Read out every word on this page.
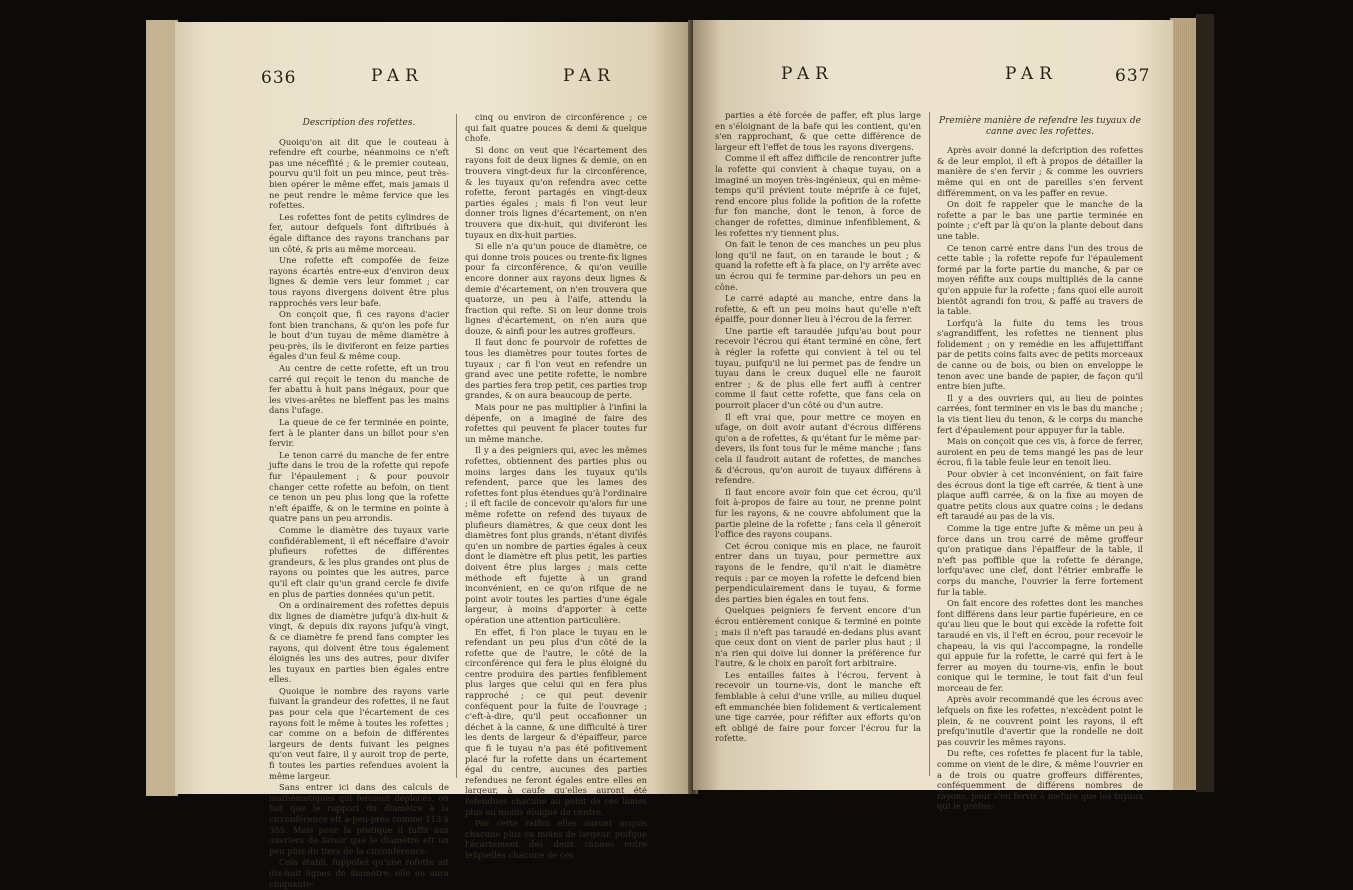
636	PAR	PAR

Description des rofettes.

Quoiqu'on ait dit que le couteau à refendre eft courbe, néanmoins ce n'eft pas une néceffité ; & le premier couteau, pourvu qu'il foit un peu mince, peut très-bien opérer le même effet, mais jamais il ne peut rendre le même fervice que les rofettes.

Les rofettes font de petits cylindres de fer, autour defquels font diftribués à égale diftance des rayons tranchans par un côté, & pris au même morceau.

Une rofette eft compofée de feize rayons écartés entre-eux d'environ deux lignes & demie vers leur fommet ; car tous rayons divergens doivent être plus rapprochés vers leur bafe.

On conçoit que, fi ces rayons d'acier font bien tranchans, & qu'on les pofe fur le bout d'un tuyau de même diamètre à peu-près, ils le diviferont en feize parties égales d'un feul & même coup.

Au centre de cette rofette, eft un trou carré qui reçoit le tenon du manche de fer abattu à huit pans inégaux, pour que les vives-arêtes ne bleffent pas les mains dans l'ufage.

La queue de ce fer terminée en pointe, fert à le planter dans un billot pour s'en fervir.

Le tenon carré du manche de fer entre jufte dans le trou de la rofette qui repofe fur l'épaulement ; & pour pouvoir changer cette rofette au befoin, on tient ce tenon un peu plus long que la rofette n'eft épaiffe, & on le termine en pointe à quatre pans un peu arrondis.

Comme le diamètre des tuyaux varie confidérablement, il eft néceffaire d'avoir plufieurs rofettes de différentes grandeurs, & les plus grandes ont plus de rayons ou pointes que les autres, parce qu'il eft clair qu'un grand cercle fe divife en plus de parties données qu'un petit.

On a ordinairement des rofettes depuis dix lignes de diamètre jufqu'à dix-huit & vingt, & depuis dix rayons jufqu'à vingt, & ce diamètre fe prend fans compter les rayons, qui doivent être tous également éloignés les uns des autres, pour divifer les tuyaux en parties bien égales entre elles.

Quoique le nombre des rayons varie fuivant la grandeur des rofettes, il ne faut pas pour cela que l'écartement de ces rayons foit le même à toutes les rofettes ; car comme on a befoin de différentes largeurs de dents fuivant les peignes qu'on veut faire, il y auroit trop de perte, fi toutes les parties refendues avoient la même largeur.

Sans entrer ici dans des calculs de mathématiques qui feroient déplacés, on fait que le rapport du diamètre à la circonférence eft à-peu-près comme 113 à 355. Mais pour la pratique il fuffit aux ouvriers de favoir que le diamètre eft un peu plus du tiers de la circonférence.

Cela établi, fuppofez qu'une rofette ait dix-huit lignes de diamètre, elle en aura cinquante-

cinq ou environ de circonférence ; ce qui fait quatre pouces & demi & quelque chofe.

Si donc on veut que l'écartement des rayons foit de deux lignes & demie, on en trouvera vingt-deux fur la circonférence, & les tuyaux qu'on refendra avec cette rofette, feront partagés en vingt-deux parties égales ; mais fi l'on veut leur donner trois lignes d'écartement, on n'en trouvera que dix-huit, qui diviferont les tuyaux en dix-huit parties.

Si elle n'a qu'un pouce de diamètre, ce qui donne trois pouces ou trente-fix lignes pour fa circonférence, & qu'on veuille encore donner aux rayons deux lignes & demie d'écartement, on n'en trouvera que quatorze, un peu à l'aife, attendu la fraction qui refte. Si on leur donne trois lignes d'écartement, on n'en aura que douze, & ainfi pour les autres groffeurs.

Il faut donc fe pourvoir de rofettes de tous les diamètres pour toutes fortes de tuyaux ; car fi l'on veut en refendre un grand avec une petite rofette, le nombre des parties fera trop petit, ces parties trop grandes, & on aura beaucoup de perte.

Mais pour ne pas multiplier à l'infini la dépenfe, on a imaginé de faire des rofettes qui peuvent fe placer toutes fur un même manche.

Il y a des peigniers qui, avec les mêmes rofettes, obtiennent des parties plus ou moins larges dans les tuyaux qu'ils refendent, parce que les lames des rofettes font plus étendues qu'à l'ordinaire ; il eft facile de concevoir qu'alors fur une même rofette on refend des tuyaux de plufieurs diamètres, & que ceux dont les diamètres font plus grands, n'étant divifés qu'en un nombre de parties égales à ceux dont le diamètre eft plus petit, les parties doivent être plus larges ; mais cette méthode eft fujette à un grand inconvénient, en ce qu'on rifque de ne point avoir toutes les parties d'une égale largeur, à moins d'apporter à cette opération une attention particulière.

En effet, fi l'on place le tuyau en le refendant un peu plus d'un côté de la rofette que de l'autre, le côté de la circonférence qui fera le plus éloigné du centre produira des parties fenfiblement plus larges que celui qui en fera plus rapproché ; ce qui peut devenir conféquent pour la fuite de l'ouvrage ; c'eft-à-dire, qu'il peut occafionner un déchet à la canne, & une difficulté à tirer les dents de largeur & d'épaiffeur, parce que fi le tuyau n'a pas été pofitivement placé fur la rofette dans un écartement égal du centre, aucunes des parties refendues ne feront égales entre elles en largeur, à caufe qu'elles auront été refendues chacune au point de ces lames plus ou moins éloigné du centre.

Par cette raifon elles auront acquis chacune plus ou moins de largeur, puifque l'écartement des deux cannes entre lefquelles chacune de ces

PAR	PAR	637

parties a été forcée de paffer, eft plus large en s'éloignant de la bafe qui les contient, qu'en s'en rapprochant, & que cette différence de largeur eft l'effet de tous les rayons divergens.

Comme il eft affez difficile de rencontrer jufte la rofette qui convient à chaque tuyau, on a imaginé un moyen très-ingénieux, qui en même-temps qu'il prévient toute méprife à ce fujet, rend encore plus folide la pofition de la rofette fur fon manche, dont le tenon, à force de changer de rofettes, diminue infenfiblement, & les rofettes n'y tiennent plus.

On fait le tenon de ces manches un peu plus long qu'il ne faut, on en taraude le bout ; & quand la rofette eft à fa place, on l'y arrête avec un écrou qui fe termine par-dehors un peu en cône.

Le carré adapté au manche, entre dans la rofette, & eft un peu moins haut qu'elle n'eft épaiffe, pour donner lieu à l'écrou de la ferrer.

Une partie eft taraudée jufqu'au bout pour recevoir l'écrou qui étant terminé en cône, fert à régler la rofette qui convient à tel ou tel tuyau, puifqu'il ne lui permet pas de fendre un tuyau dans le creux duquel elle ne fauroit entrer ; & de plus elle fert auffi à centrer comme il faut cette rofette, que fans cela on pourroit placer d'un côté ou d'un autre.

Il eft vrai que, pour mettre ce moyen en ufage, on doit avoir autant d'écrous différens qu'on a de rofettes, & qu'étant fur le même par-devers, ils font tous fur le même manche ; fans cela il faudroit autant de rofettes, de manches & d'écrous, qu'on auroit de tuyaux différens à refendre.

Il faut encore avoir foin que cet écrou, qu'il foit à-propos de faire au tour, ne prenne point fur les rayons, & ne couvre abfolument que la partie pleine de la rofette ; fans cela il gêneroit l'office des rayons coupans.

Cet écrou conique mis en place, ne fauroit entrer dans un tuyau, pour permettre aux rayons de le fendre, qu'il n'ait le diamètre requis : par ce moyen la rofette le defcend bien perpendiculairement dans le tuyau, & forme des parties bien égales en tout fens.

Quelques peigniers fe fervent encore d'un écrou entièrement conique & terminé en pointe ; mais il n'eft pas taraudé en-dedans plus avant que ceux dont on vient de parler plus haut ; il n'a rien qui doive lui donner la préférence fur l'autre, & le choix en paroît fort arbitraire.

Les entailles faites à l'écrou, fervent à recevoir un tourne-vis, dont le manche eft femblable à celui d'une vrille, au milieu duquel eft emmanchée bien folidement & verticalement une tige carrée, pour réfifter aux efforts qu'on eft obligé de faire pour forcer l'écrou fur la rofette.

Première manière de refendre les tuyaux de canne avec les rofettes.

Après avoir donné la defcription des rofettes & de leur emploi, il eft à propos de détailler la manière de s'en fervir ; & comme les ouvriers même qui en ont de pareilles s'en fervent différemment, on va les paffer en revue.

On doit fe rappeler que le manche de la rofette a par le bas une partie terminée en pointe ; c'eft par là qu'on la plante debout dans une table.

Ce tenon carré entre dans l'un des trous de cette table ; la rofette repofe fur l'épaulement formé par la forte partie du manche, & par ce moyen réfifte aux coups multipliés de la canne qu'on appuie fur la rofette ; fans quoi elle auroit bientôt agrandi fon trou, & paffé au travers de la table.

Lorfqu'à la fuite du tems les trous s'agrandiffent, les rofettes ne tiennent plus folidement ; on y remédie en les affujettiffant par de petits coins faits avec de petits morceaux de canne ou de bois, ou bien on enveloppe le tenon avec une bande de papier, de façon qu'il entre bien jufte.

Il y a des ouvriers qui, au lieu de pointes carrées, font terminer en vis le bas du manche ; la vis tient lieu du tenon, & le corps du manche fert d'épaulement pour appuyer fur la table.

Mais on conçoit que ces vis, à force de ferrer, auroient en peu de tems mangé les pas de leur écrou, fi la table feule leur en tenoit lieu.

Pour obvier à cet inconvénient, on fait faire des écrous dont la tige eft carrée, & tient à une plaque auffi carrée, & on la fixe au moyen de quatre petits clous aux quatre coins ; le dedans eft taraudé au pas de la vis.

Comme la tige entre jufte & même un peu à force dans un trou carré de même groffeur qu'on pratique dans l'épaiffeur de la table, il n'eft pas poffible que la rofette fe dérange, lorfqu'avec une clef, dont l'étrier embraffe le corps du manche, l'ouvrier la ferre fortement fur la table.

On fait encore des rofettes dont les manches font différens dans leur partie fupérieure, en ce qu'au lieu que le bout qui excède la rofette foit taraudé en vis, il l'eft en écrou, pour recevoir le chapeau, la vis qui l'accompagne, la rondelle qui appuie fur la rofette, le carré qui fert à le ferrer au moyen du tourne-vis, enfin le bout conique qui le termine, le tout fait d'un feul morceau de fer.

Après avoir recommandé que les écrous avec lefquels on fixe les rofettes, n'excèdent point le plein, & ne couvrent point les rayons, il eft prefqu'inutile d'avertir que la rondelle ne doit pas couvrir les mêmes rayons.

Du refte, ces rofettes fe placent fur la table, comme on vient de le dire, & même l'ouvrier en a de trois ou quatre groffeurs différentes, conféquemment de différens nombres de rayons, pour s'en fervir à mefure que les tuyaux qui le préfen-
